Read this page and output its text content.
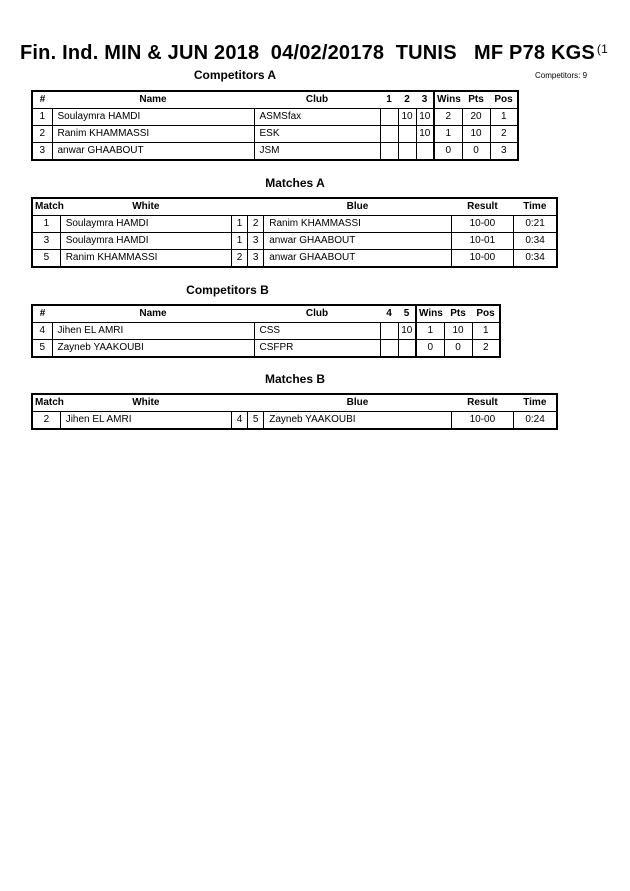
Fin. Ind. MIN & JUN 2018  04/02/20178  TUNIS   MF P78 KGS $^{(1}$
Competitors A	Competitors: 9
#	Name	Club	1	2	3	Wins	Pts	Pos
1	Soulaymra HAMDI	ASMSfax		10	10	2	20	1
2	Ranim KHAMMASSI	ESK			10	1	10	2
3	anwar GHAABOUT	JSM				0	0	3
Matches A
Match	White			Blue	Result	Time
1	Soulaymra HAMDI	1	2	Ranim KHAMMASSI	10-00	0:21
3	Soulaymra HAMDI	1	3	anwar GHAABOUT	10-01	0:34
5	Ranim KHAMMASSI	2	3	anwar GHAABOUT	10-00	0:34
Competitors B
#	Name	Club	4	5	Wins	Pts	Pos
4	Jihen EL AMRI	CSS		10	1	10	1
5	Zayneb YAAKOUBI	CSFPR			0	0	2
Matches B
Match	White			Blue	Result	Time
2	Jihen EL AMRI	4	5	Zayneb YAAKOUBI	10-00	0:24
